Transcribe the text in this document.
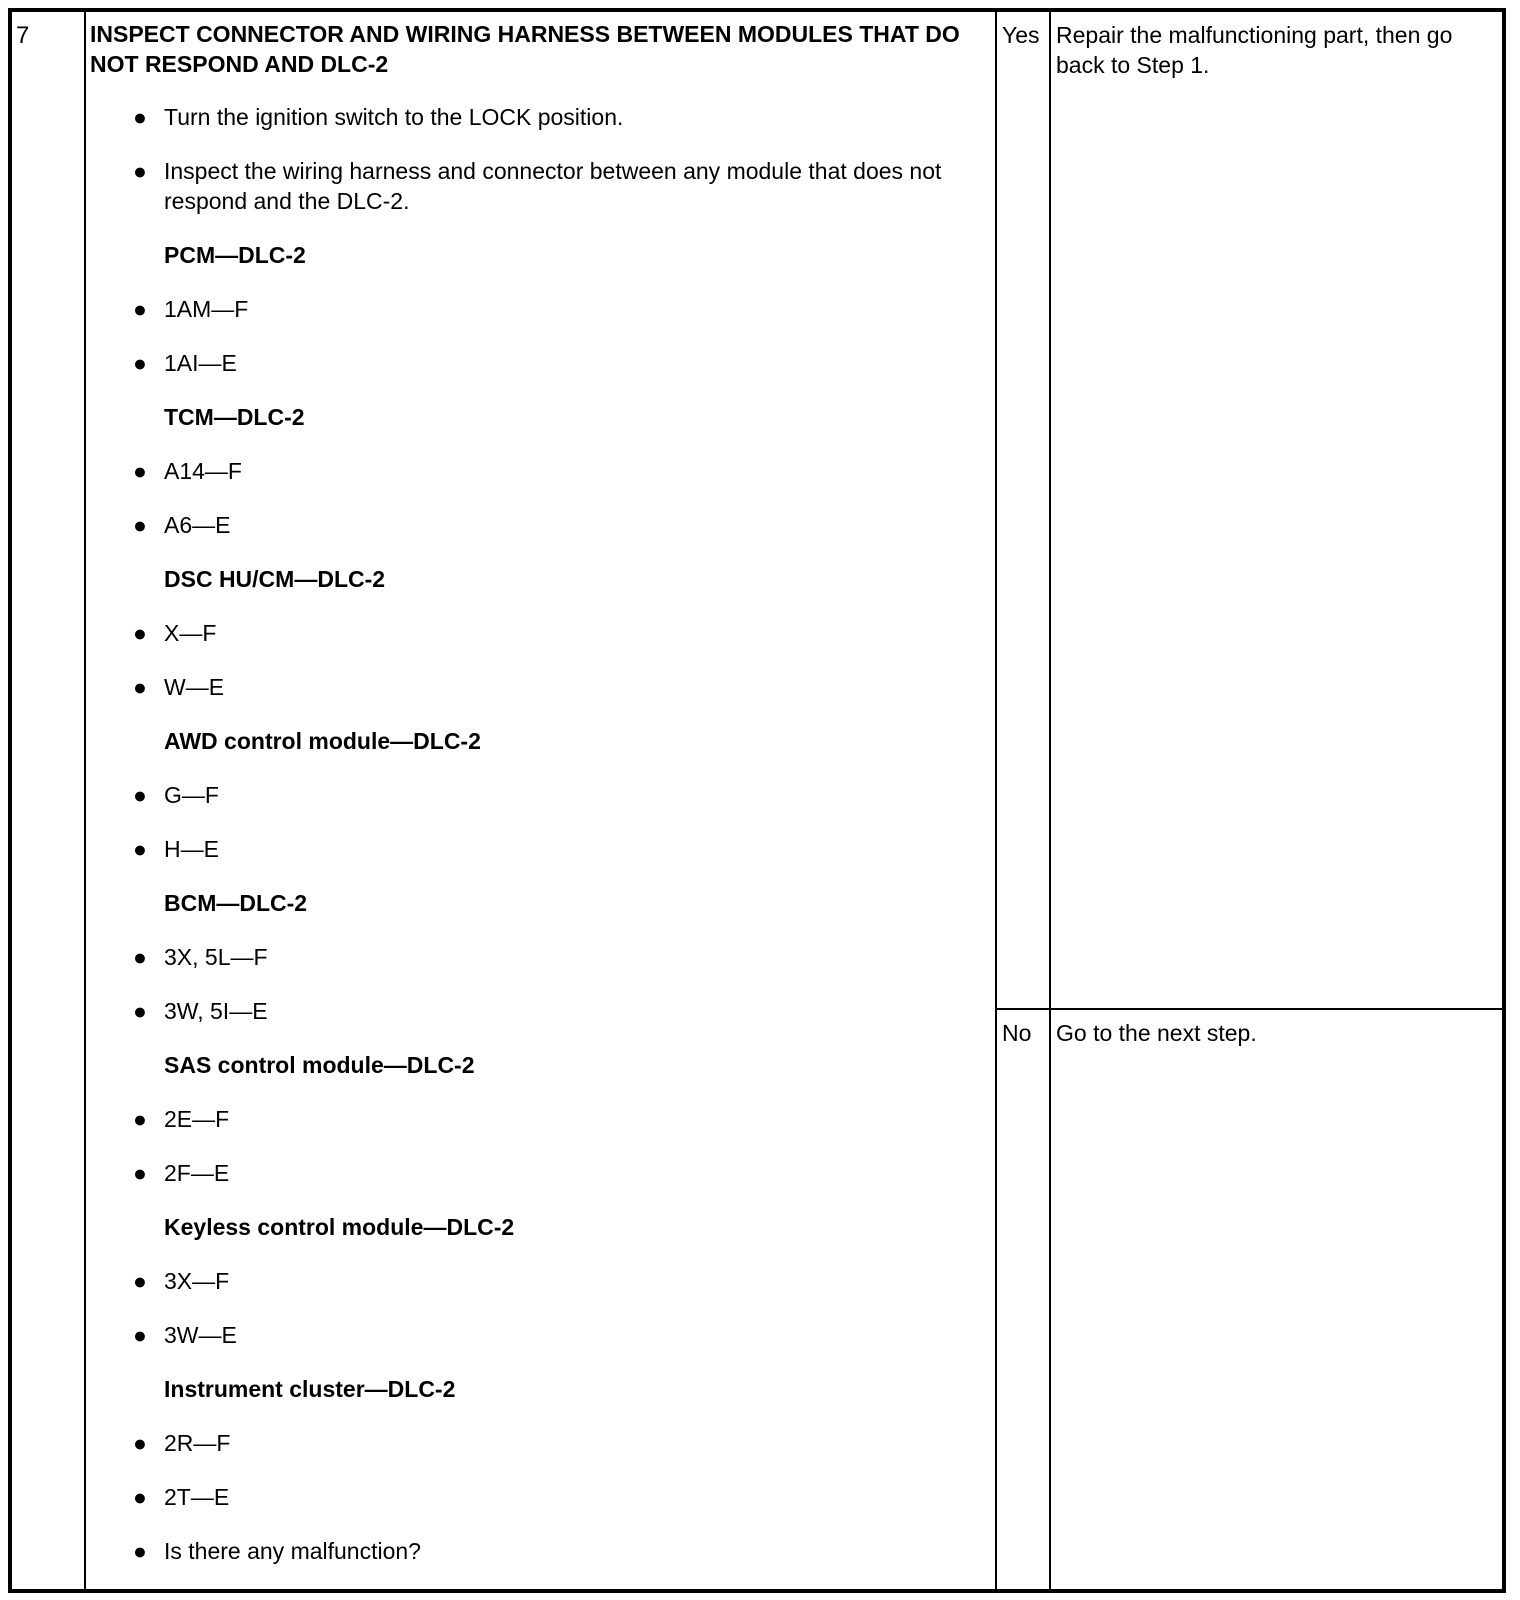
7	INSPECT CONNECTOR AND WIRING HARNESS BETWEEN MODULES THAT DO NOT RESPOND AND DLC-2
● Turn the ignition switch to the LOCK position.
● Inspect the wiring harness and connector between any module that does not respond and the DLC-2.
PCM—DLC-2
● 1AM—F
● 1AI—E
TCM—DLC-2
● A14—F
● A6—E
DSC HU/CM—DLC-2
● X—F
● W—E
AWD control module—DLC-2
● G—F
● H—E
BCM—DLC-2
● 3X, 5L—F
● 3W, 5I—E
SAS control module—DLC-2
● 2E—F
● 2F—E
Keyless control module—DLC-2
● 3X—F
● 3W—E
Instrument cluster—DLC-2
● 2R—F
● 2T—E
● Is there any malfunction?
Yes Repair the malfunctioning part, then go back to Step 1.
No Go to the next step.
